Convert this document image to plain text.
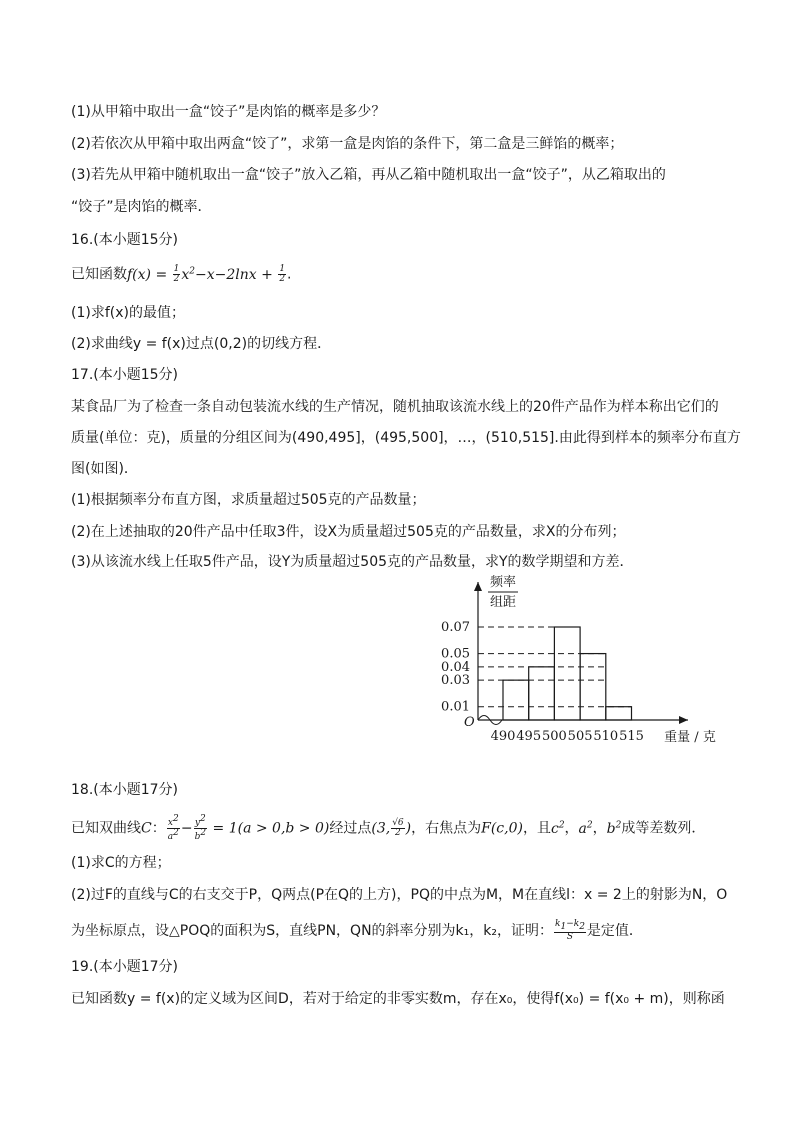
(1)从甲箱中取出一盒“饺子”是肉馅的概率是多少？
(2)若依次从甲箱中取出两盒“饺了”，求第一盒是肉馅的条件下，第二盒是三鲜馅的概率；
(3)若先从甲箱中随机取出一盒“饺子”放入乙箱，再从乙箱中随机取出一盒“饺子”，从乙箱取出的
“饺子”是肉馅的概率．
16.(本小题15分)
已知函数$f(x) = \frac{1}{2} x^2-x-2\ln x + \frac{1}{2}$ .
(1)求f(x)的最值；
(2)求曲线y = f(x)过点(0,2)的切线方程．
17.(本小题15分)
某食品厂为了检查一条自动包装流水线的生产情况，随机抽取该流水线上的20件产品作为样本称出它们的
质量(单位：克)，质量的分组区间为(490,495]，(495,500]，…，(510,515].由此得到样本的频率分布直方
图(如图)．
(1)根据频率分布直方图，求质量超过505克的产品数量；
(2)在上述抽取的20件产品中任取3件，设X为质量超过505克的产品数量，求X的分布列；
(3)从该流水线上任取5件产品，设Y为质量超过505克的产品数量，求Y的数学期望和方差．
0.01
0.03
0.04
0.05
0.07
O
490 495 500 505 510 515
频率
组距
重量 / 克
18.(本小题17分)
已知双曲线C： $\frac{x^2}{a^2} - \frac{y^2}{b^2} = 1(a > 0,b > 0)$经过点(3, $\frac{√6}{2}$ )，右焦点为F(c,0)，且$c^2$，$a^2$，$b^2$成等差数列．
(1)求C的方程；
(2)过F的直线与C的右支交于P，Q两点(P在Q的上方)，PQ的中点为M，M在直线l：x = 2上的射影为N，O
为坐标原点，设△POQ的面积为S，直线PN，QN的斜率分别为k₁，k₂，证明： $\frac{k_1-k_2}{S}$ 是定值．
19.(本小题17分)
已知函数y = f(x)的定义域为区间D，若对于给定的非零实数m，存在x₀，使得f(x₀) = f(x₀ + m)，则称函
